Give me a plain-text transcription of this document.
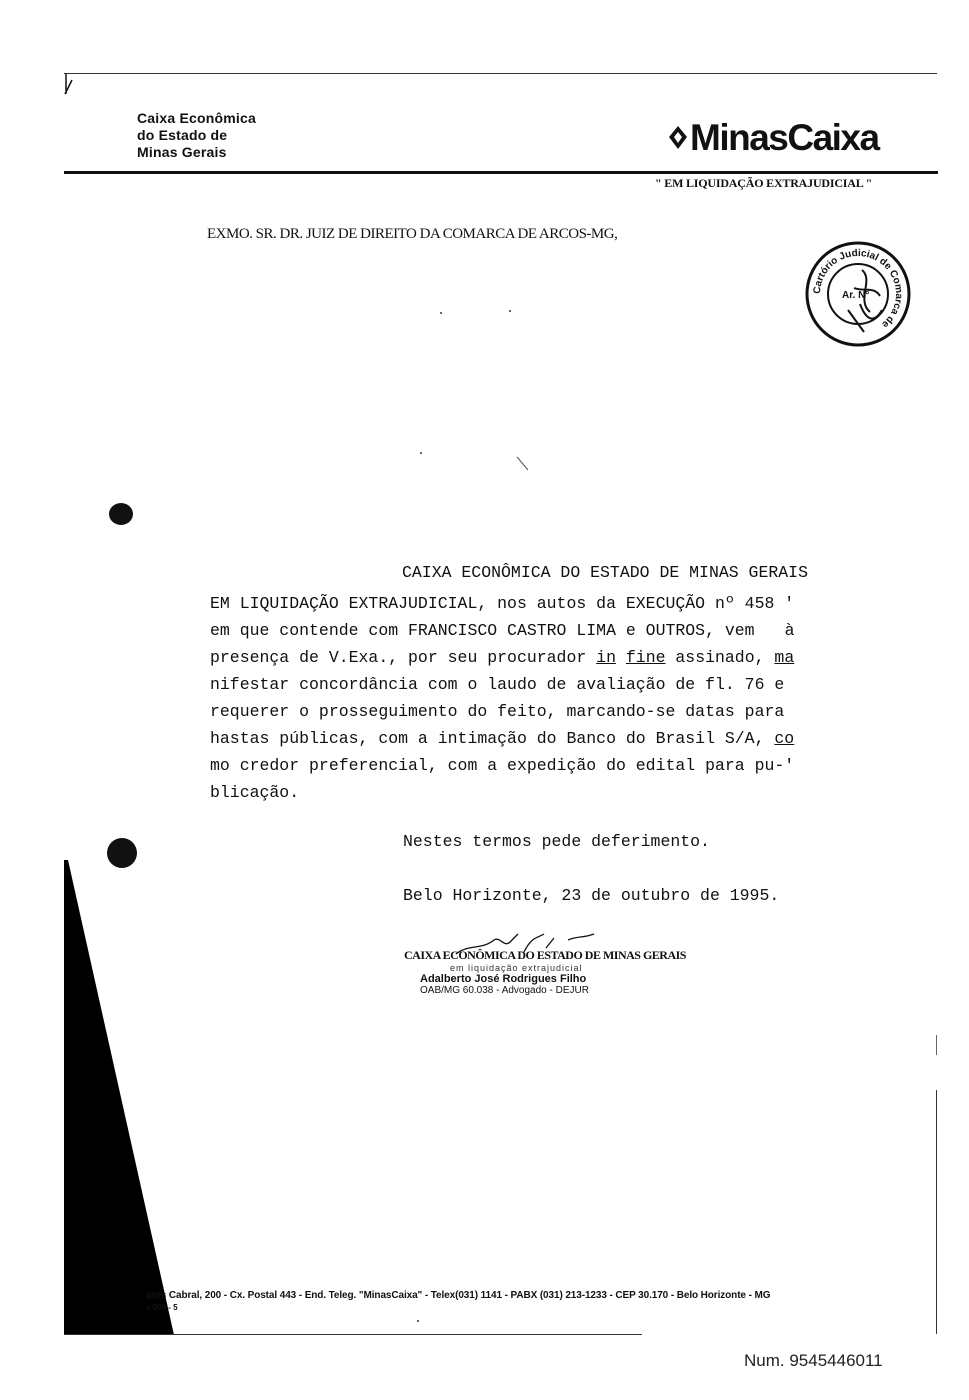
Caixa Econômica
do Estado de
Minas Gerais	MinasCaixa
" EM LIQUIDAÇÃO EXTRAJUDICIAL "
EXMO. SR. DR. JUIZ DE DIREITO DA COMARCA DE ARCOS-MG,
Cartório Judicial de Comarca de
Ar. N°
CAIXA ECONÔMICA DO ESTADO DE MINAS GERAIS

EM LIQUIDAÇÃO EXTRAJUDICIAL, nos autos da EXECUÇÃO nº 458 '

em que contende com FRANCISCO CASTRO LIMA e OUTROS, vem à

presença de V.Exa., por seu procurador in fine assinado, ma

nifestar concordância com o laudo de avaliação de fl. 76 e

requerer o prosseguimento do feito, marcando-se datas para

hastas públicas, com a intimação do Banco do Brasil S/A, co

mo credor preferencial, com a expedição do edital para pu-'

blicação.

Nestes termos pede deferimento.
Belo Horizonte, 23 de outubro de 1995.
CAIXA ECONÔMICA DO ESTADO DE MINAS GERAIS
em liquidação extrajudicial
Adalberto José Rodrigues Filho
OAB/MG 60.038 - Advogado - DEJUR
ares Cabral, 200 - Cx. Postal 443 - End. Teleg. "MinasCaixa" - Telex(031) 1141 - PABX (031) 213-1233 - CEP 30.170 - Belo Horizonte - MG
s.009 - 5
Num. 9545446011
